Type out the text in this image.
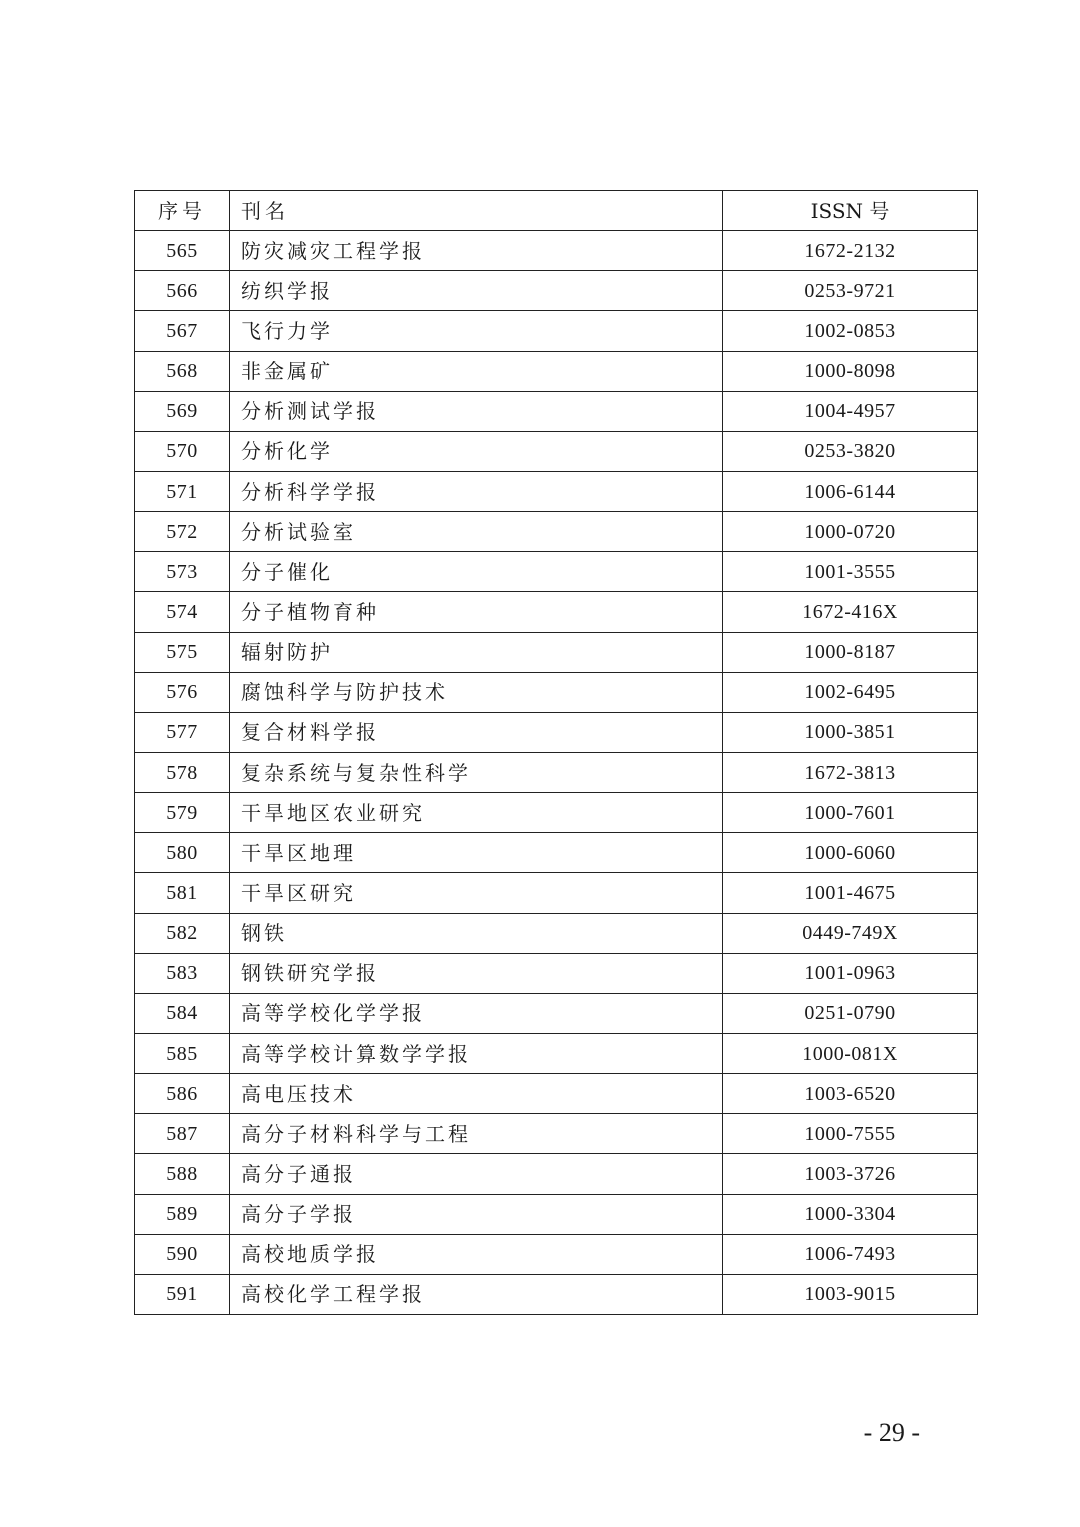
序号	刊名	ISSN 号
565	防灾减灾工程学报	1672-2132
566	纺织学报	0253-9721
567	飞行力学	1002-0853
568	非金属矿	1000-8098
569	分析测试学报	1004-4957
570	分析化学	0253-3820
571	分析科学学报	1006-6144
572	分析试验室	1000-0720
573	分子催化	1001-3555
574	分子植物育种	1672-416X
575	辐射防护	1000-8187
576	腐蚀科学与防护技术	1002-6495
577	复合材料学报	1000-3851
578	复杂系统与复杂性科学	1672-3813
579	干旱地区农业研究	1000-7601
580	干旱区地理	1000-6060
581	干旱区研究	1001-4675
582	钢铁	0449-749X
583	钢铁研究学报	1001-0963
584	高等学校化学学报	0251-0790
585	高等学校计算数学学报	1000-081X
586	高电压技术	1003-6520
587	高分子材料科学与工程	1000-7555
588	高分子通报	1003-3726
589	高分子学报	1000-3304
590	高校地质学报	1006-7493
591	高校化学工程学报	1003-9015
- 29 -
